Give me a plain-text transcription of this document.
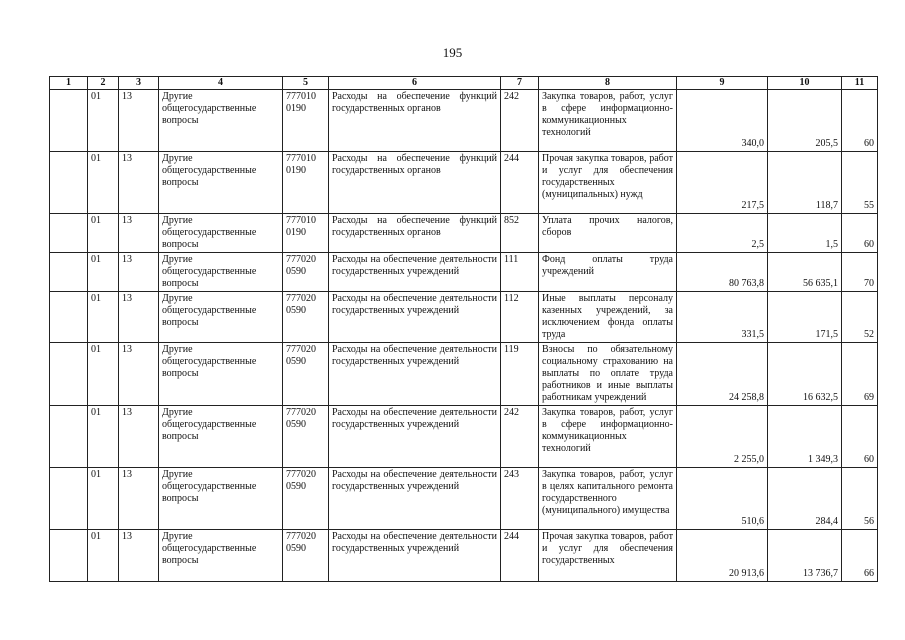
195
1	2	3	4	5	6	7	8	9	10	11
	01	13	Другие общегосударственные вопросы	777010 0190	Расходы на обеспечение функций государственных органов	242	Закупка товаров, работ, услуг в сфере информационно-коммуникационных технологий	340,0	205,5	60
	01	13	Другие общегосударственные вопросы	777010 0190	Расходы на обеспечение функций государственных органов	244	Прочая закупка товаров, работ и услуг для обеспечения государственных (муниципальных) нужд	217,5	118,7	55
	01	13	Другие общегосударственные вопросы	777010 0190	Расходы на обеспечение функций государственных органов	852	Уплата прочих налогов, сборов	2,5	1,5	60
	01	13	Другие общегосударственные вопросы	777020 0590	Расходы на обеспечение деятельности государственных учреждений	111	Фонд оплаты труда учреждений	80 763,8	56 635,1	70
	01	13	Другие общегосударственные вопросы	777020 0590	Расходы на обеспечение деятельности государственных учреждений	112	Иные выплаты персоналу казенных учреждений, за исключением фонда оплаты труда	331,5	171,5	52
	01	13	Другие общегосударственные вопросы	777020 0590	Расходы на обеспечение деятельности государственных учреждений	119	Взносы по обязательному социальному страхованию на выплаты по оплате труда работников и иные выплаты работникам учреждений	24 258,8	16 632,5	69
	01	13	Другие общегосударственные вопросы	777020 0590	Расходы на обеспечение деятельности государственных учреждений	242	Закупка товаров, работ, услуг в сфере информационно-коммуникационных технологий	2 255,0	1 349,3	60
	01	13	Другие общегосударственные вопросы	777020 0590	Расходы на обеспечение деятельности государственных учреждений	243	Закупка товаров, работ, услуг в целях капитального ремонта государственного (муниципального) имущества	510,6	284,4	56
	01	13	Другие общегосударственные вопросы	777020 0590	Расходы на обеспечение деятельности государственных учреждений	244	Прочая закупка товаров, работ и услуг для обеспечения государственных	20 913,6	13 736,7	66
